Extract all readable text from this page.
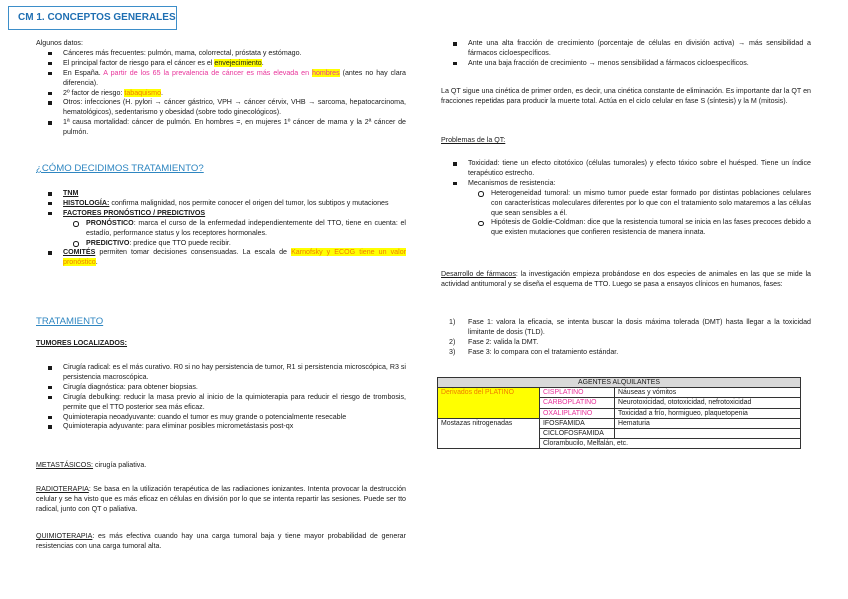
CM 1. CONCEPTOS GENERALES

Algunos datos:

Cánceres más frecuentes: pulmón, mama, colorrectal, próstata y estómago.
El principal factor de riesgo para el cáncer es el envejecimiento.
En España. A partir de los 65 la prevalencia de cáncer es más elevada en hombres (antes no hay clara diferencia).
2º factor de riesgo: tabaquismo.
Otros: infecciones (H. pylori → cáncer gástrico, VPH → cáncer cérvix, VHB → sarcoma, hepatocarcinoma, hematológicos), sedentarismo y obesidad (sobre todo ginecológicos).
1ª causa mortalidad: cáncer de pulmón. En hombres =, en mujeres 1º cáncer de mama y la 2ª cáncer de pulmón.
¿CÓMO DECIDIMOS TRATAMIENTO?
TNM
HISTOLOGÍA: confirma malignidad, nos permite conocer el origen del tumor, los subtipos y mutaciones
FACTORES PRONÓSTICO / PREDICTIVOS
PRONÓSTICO: marca el curso de la enfermedad independientemente del TTO, tiene en cuenta: el estadío, performance status y los receptores hormonales.
PREDICTIVO: predice que TTO puede recibir.
COMITÉS permiten tomar decisiones consensuadas. La escala de Karnofsky y ECOG tiene un valor pronóstico.
TRATAMIENTO

TUMORES LOCALIZADOS:

Cirugía radical: es el más curativo. R0 si no hay persistencia de tumor, R1 si persistencia microscópica, R3 si persistencia macroscópica.
Cirugía diagnóstica: para obtener biopsias.
Cirugía debulking: reducir la masa previo al inicio de la quimioterapia para reducir el riesgo de trombosis, permite que el TTO posterior sea más eficaz.
Quimioterapia neoadyuvante: cuando el tumor es muy grande o potencialmente resecable
Quimioterapia adyuvante: para eliminar posibles micrometástasis post-qx

METASTÁSICOS: cirugía paliativa.

RADIOTERAPIA: Se basa en la utilización terapéutica de las radiaciones ionizantes. Intenta provocar la destrucción celular y se ha visto que es más eficaz en células en división por lo que se intenta repartir las sesiones. Puede ser tto radical, junto con QT o paliativa.

QUIMIOTERAPIA: es más efectiva cuando hay una carga tumoral baja y tiene mayor probabilidad de generar resistencias con una carga tumoral alta.

Ante una alta fracción de crecimiento (porcentaje de células en división activa) → más sensibilidad a fármacos cicloespecíficos.
Ante una baja fracción de crecimiento → menos sensibilidad a fármacos cicloespecíficos.

La QT sigue una cinética de primer orden, es decir, una cinética constante de eliminación. Es importante dar la QT en fracciones repetidas para producir la muerte total. Actúa en el ciclo celular en fase S (síntesis) y la M (mitosis).

Problemas de la QT:

Toxicidad: tiene un efecto citotóxico (células tumorales) y efecto tóxico sobre el huésped. Tiene un índice terapéutico estrecho.
Mecanismos de resistencia:
Heterogeneidad tumoral: un mismo tumor puede estar formado por distintas poblaciones celulares con características moleculares diferentes por lo que con el tratamiento solo mataremos a las células que sean sensibles a él.
Hipótesis de Goldie-Coldman: dice que la resistencia tumoral se inicia en las fases precoces debido a que existen mutaciones que confieren resistencia de manera innata.

Desarrollo de fármacos: la investigación empieza probándose en dos especies de animales en las que se mide la actividad antitumoral y se diseña el esquema de TTO. Luego se pasa a ensayos clínicos en humanos, fases:

1) Fase 1: valora la eficacia, se intenta buscar la dosis máxima tolerada (DMT) hasta llegar a la toxicidad limitante de dosis (TLD).
2) Fase 2: valida la DMT.
3) Fase 3: lo compara con el tratamiento estándar.
AGENTES ALQUILANTES		
Derivados del PLATINO	CISPLATINO	Náuseas y vómitos
	CARBOPLATINO	Neurotoxicidad, ototoxicidad, nefrotoxicidad
	OXALIPLATINO	Toxicidad a frío, hormigueo, plaquetopenia
Mostazas nitrogenadas	IFOSFAMIDA	Hematuria
	CICLOFOSFAMIDA	
	Clorambucilo, Melfalán, etc.	
